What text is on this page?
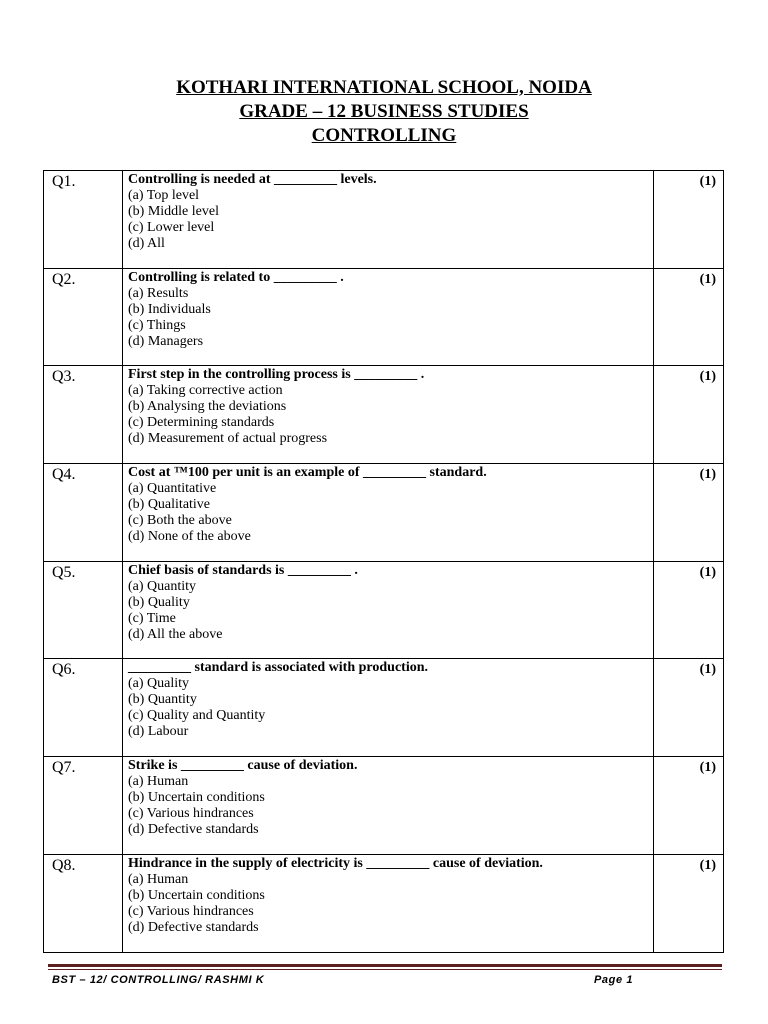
KOTHARI INTERNATIONAL SCHOOL, NOIDA
GRADE – 12 BUSINESS STUDIES
CONTROLLING
Q1.	Controlling is needed at _________ levels.
(a) Top level
(b) Middle level
(c) Lower level
(d) All	(1)
Q2.	Controlling is related to _________ .
(a) Results
(b) Individuals
(c) Things
(d) Managers	(1)
Q3.	First step in the controlling process is _________ .
(a) Taking corrective action
(b) Analysing the deviations
(c) Determining standards
(d) Measurement of actual progress	(1)
Q4.	Cost at ™100 per unit is an example of _________ standard.
(a) Quantitative
(b) Qualitative
(c) Both the above
(d) None of the above	(1)
Q5.	Chief basis of standards is _________ .
(a) Quantity
(b) Quality
(c) Time
(d) All the above	(1)
Q6.	_________ standard is associated with production.
(a) Quality
(b) Quantity
(c) Quality and Quantity
(d) Labour	(1)
Q7.	Strike is _________ cause of deviation.
(a) Human
(b) Uncertain conditions
(c) Various hindrances
(d) Defective standards	(1)
Q8.	Hindrance in the supply of electricity is _________ cause of deviation.
(a) Human
(b) Uncertain conditions
(c) Various hindrances
(d) Defective standards	(1)
BST – 12/ CONTROLLING/ RASHMI K	Page 1
